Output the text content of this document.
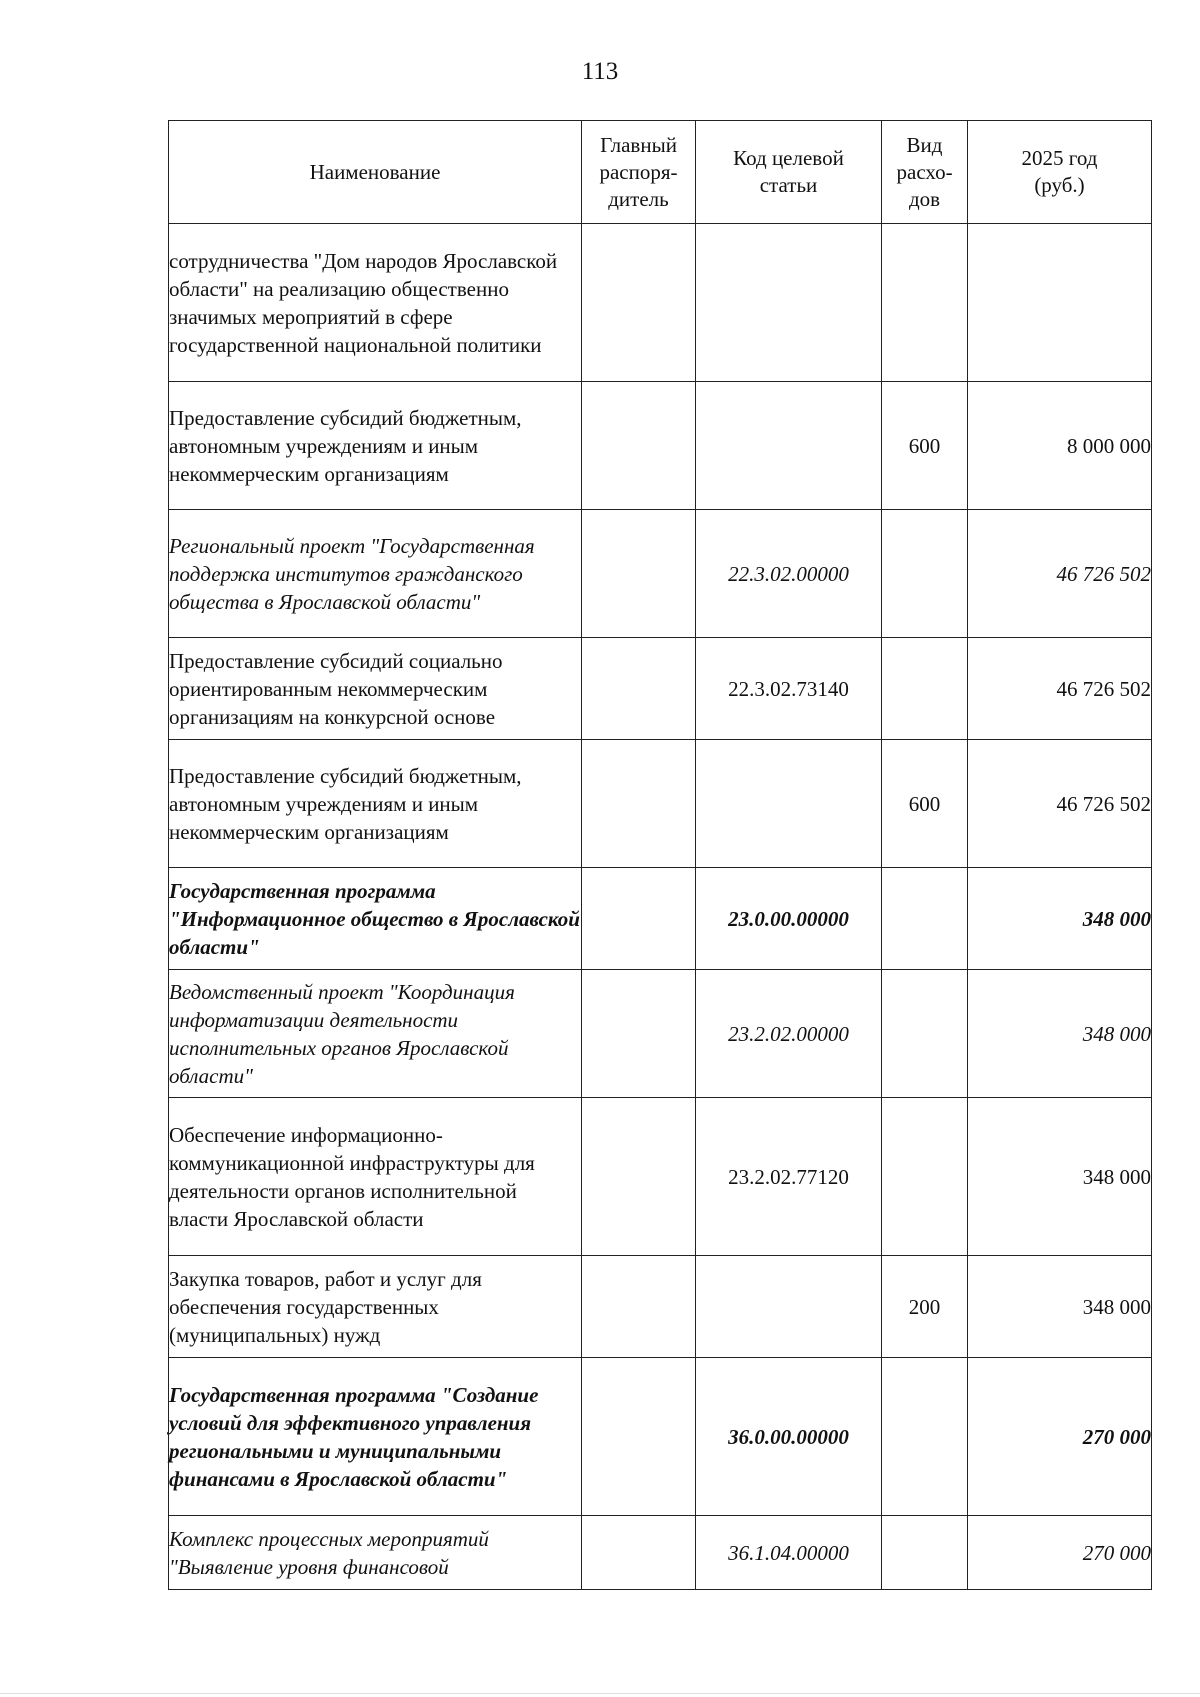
113
Наименование	Главный распоря-дитель	Код целевой статьи	Вид расхо-дов	2025 год (руб.)

сотрудничества "Дом народов Ярославской области" на реализацию общественно значимых мероприятий в сфере государственной национальной политики				
Предоставление субсидий бюджетным, автономным учреждениям и иным некоммерческим организациям			600	8 000 000
Региональный проект "Государственная поддержка институтов гражданского общества в Ярославской области"		22.3.02.00000		46 726 502
Предоставление субсидий социально ориентированным некоммерческим организациям на конкурсной основе		22.3.02.73140		46 726 502
Предоставление субсидий бюджетным, автономным учреждениям и иным некоммерческим организациям			600	46 726 502
Государственная программа "Информационное общество в Ярославской области"		23.0.00.00000		348 000
Ведомственный проект "Координация информатизации деятельности исполнительных органов Ярославской области"		23.2.02.00000		348 000
Обеспечение информационно-коммуникационной инфраструктуры для деятельности органов исполнительной власти Ярославской области		23.2.02.77120		348 000
Закупка товаров, работ и услуг для обеспечения государственных (муниципальных) нужд			200	348 000
Государственная программа "Создание условий для эффективного управления региональными и муниципальными финансами в Ярославской области"		36.0.00.00000		270 000
Комплекс процессных мероприятий "Выявление уровня финансовой		36.1.04.00000		270 000
